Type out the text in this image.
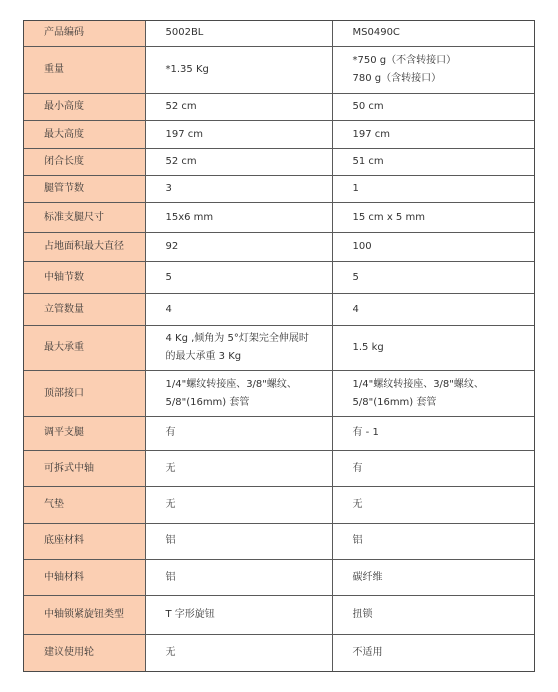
产品编码	5002BL	MS0490C

重量	*1.35 Kg	*750 g（不含转接口）
780 g（含转接口）

最小高度	52 cm	50 cm

最大高度	197 cm	197 cm

闭合长度	52 cm	51 cm

腿管节数	3	1

标准支腿尺寸	15x6 mm	15 cm x 5 mm

占地面积最大直径	92	100

中轴节数	5	5

立管数量	4	4

最大承重	4 Kg ,倾角为 5°灯架完全伸展时
的最大承重 3 Kg	1.5 kg

顶部接口	1/4"螺纹转接座、3/8"螺纹、
5/8"(16mm) 套管	1/4"螺纹转接座、3/8"螺纹、
5/8"(16mm) 套管

调平支腿	有	有 - 1

可拆式中轴	无	有

气垫	无	无

底座材料	铝	铝

中轴材料	铝	碳纤维

中轴锁紧旋钮类型	T 字形旋钮	扭锁

建议使用轮	无	不适用
